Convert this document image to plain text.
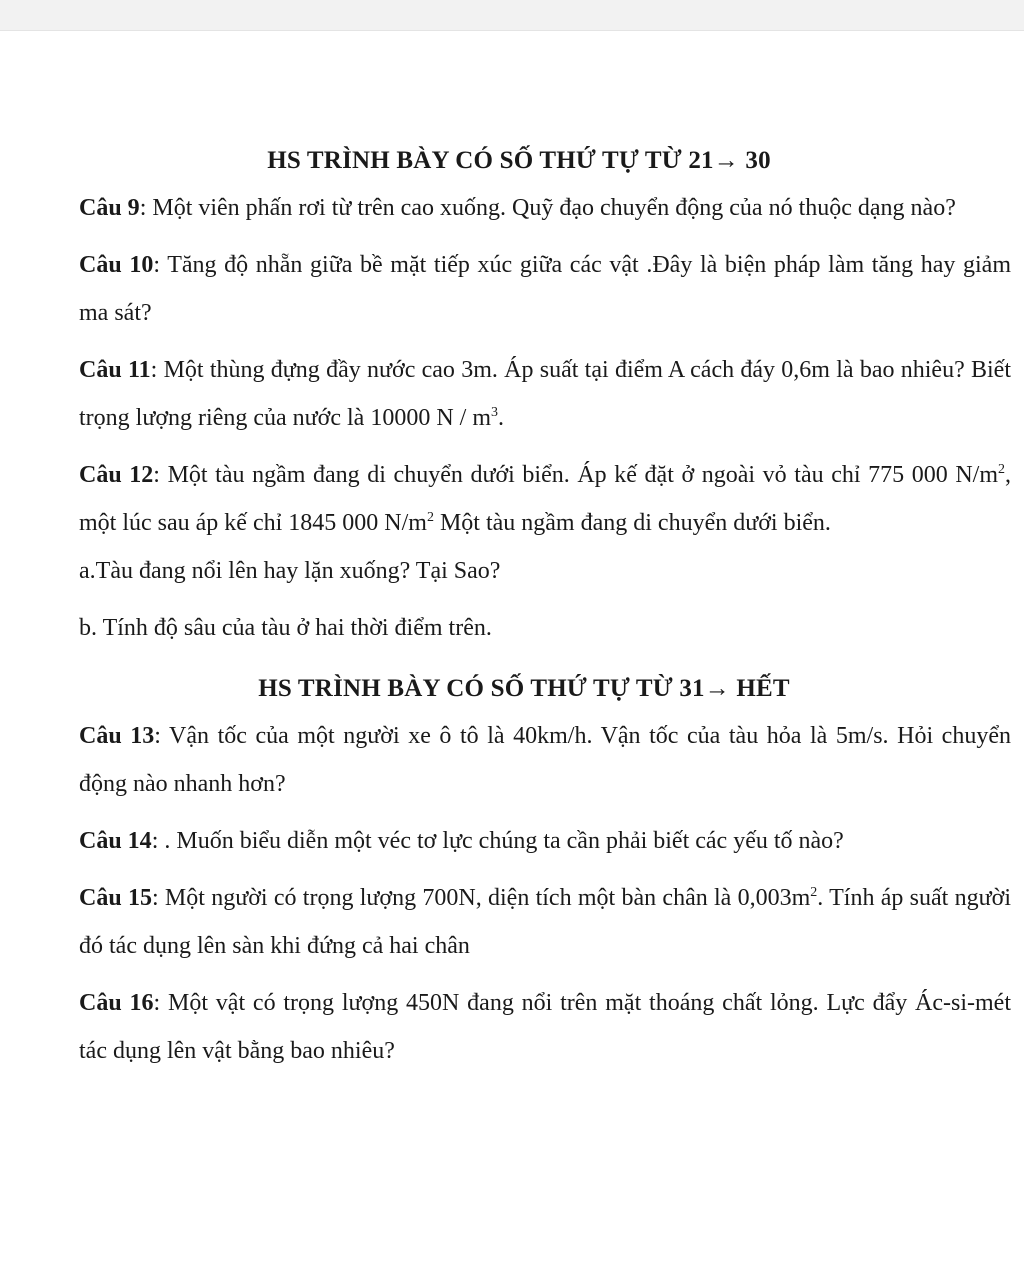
HS TRÌNH BÀY CÓ SỐ THỨ TỰ TỪ 21→ 30

Câu 9: Một viên phấn rơi từ trên cao xuống. Quỹ đạo chuyển động của nó thuộc dạng nào?

Câu 10: Tăng độ nhẵn giữa bề mặt tiếp xúc giữa các vật .Đây là biện pháp làm tăng hay giảm ma sát?

Câu 11: Một thùng đựng đầy nước cao 3m. Áp suất tại điểm A cách đáy 0,6m là bao nhiêu? Biết trọng lượng riêng của nước là 10000 N / $m^3$.

Câu 12: Một tàu ngầm đang di chuyển dưới biển. Áp kế đặt ở ngoài vỏ tàu chỉ 775 000 $N/m^2$, một lúc sau áp kế chỉ 1845 000 $N/m^2$ Một tàu ngầm đang di chuyển dưới biển.
a.Tàu đang nổi lên hay lặn xuống? Tại Sao?

b. Tính độ sâu của tàu ở hai thời điểm trên.

HS TRÌNH BÀY CÓ SỐ THỨ TỰ TỪ 31→ HẾT

Câu 13: Vận tốc của một người xe ô tô là 40km/h. Vận tốc của tàu hỏa là 5m/s. Hỏi chuyển động nào nhanh hơn?

Câu 14: . Muốn biểu diễn một véc tơ lực chúng ta cần phải biết các yếu tố nào?

Câu 15: Một người có trọng lượng 700N, diện tích một bàn chân là $0,003m^2$. Tính áp suất người đó tác dụng lên sàn khi đứng cả hai chân

Câu 16: Một vật có trọng lượng 450N đang nổi trên mặt thoáng chất lỏng. Lực đẩy Ác-si-mét tác dụng lên vật bằng bao nhiêu?
